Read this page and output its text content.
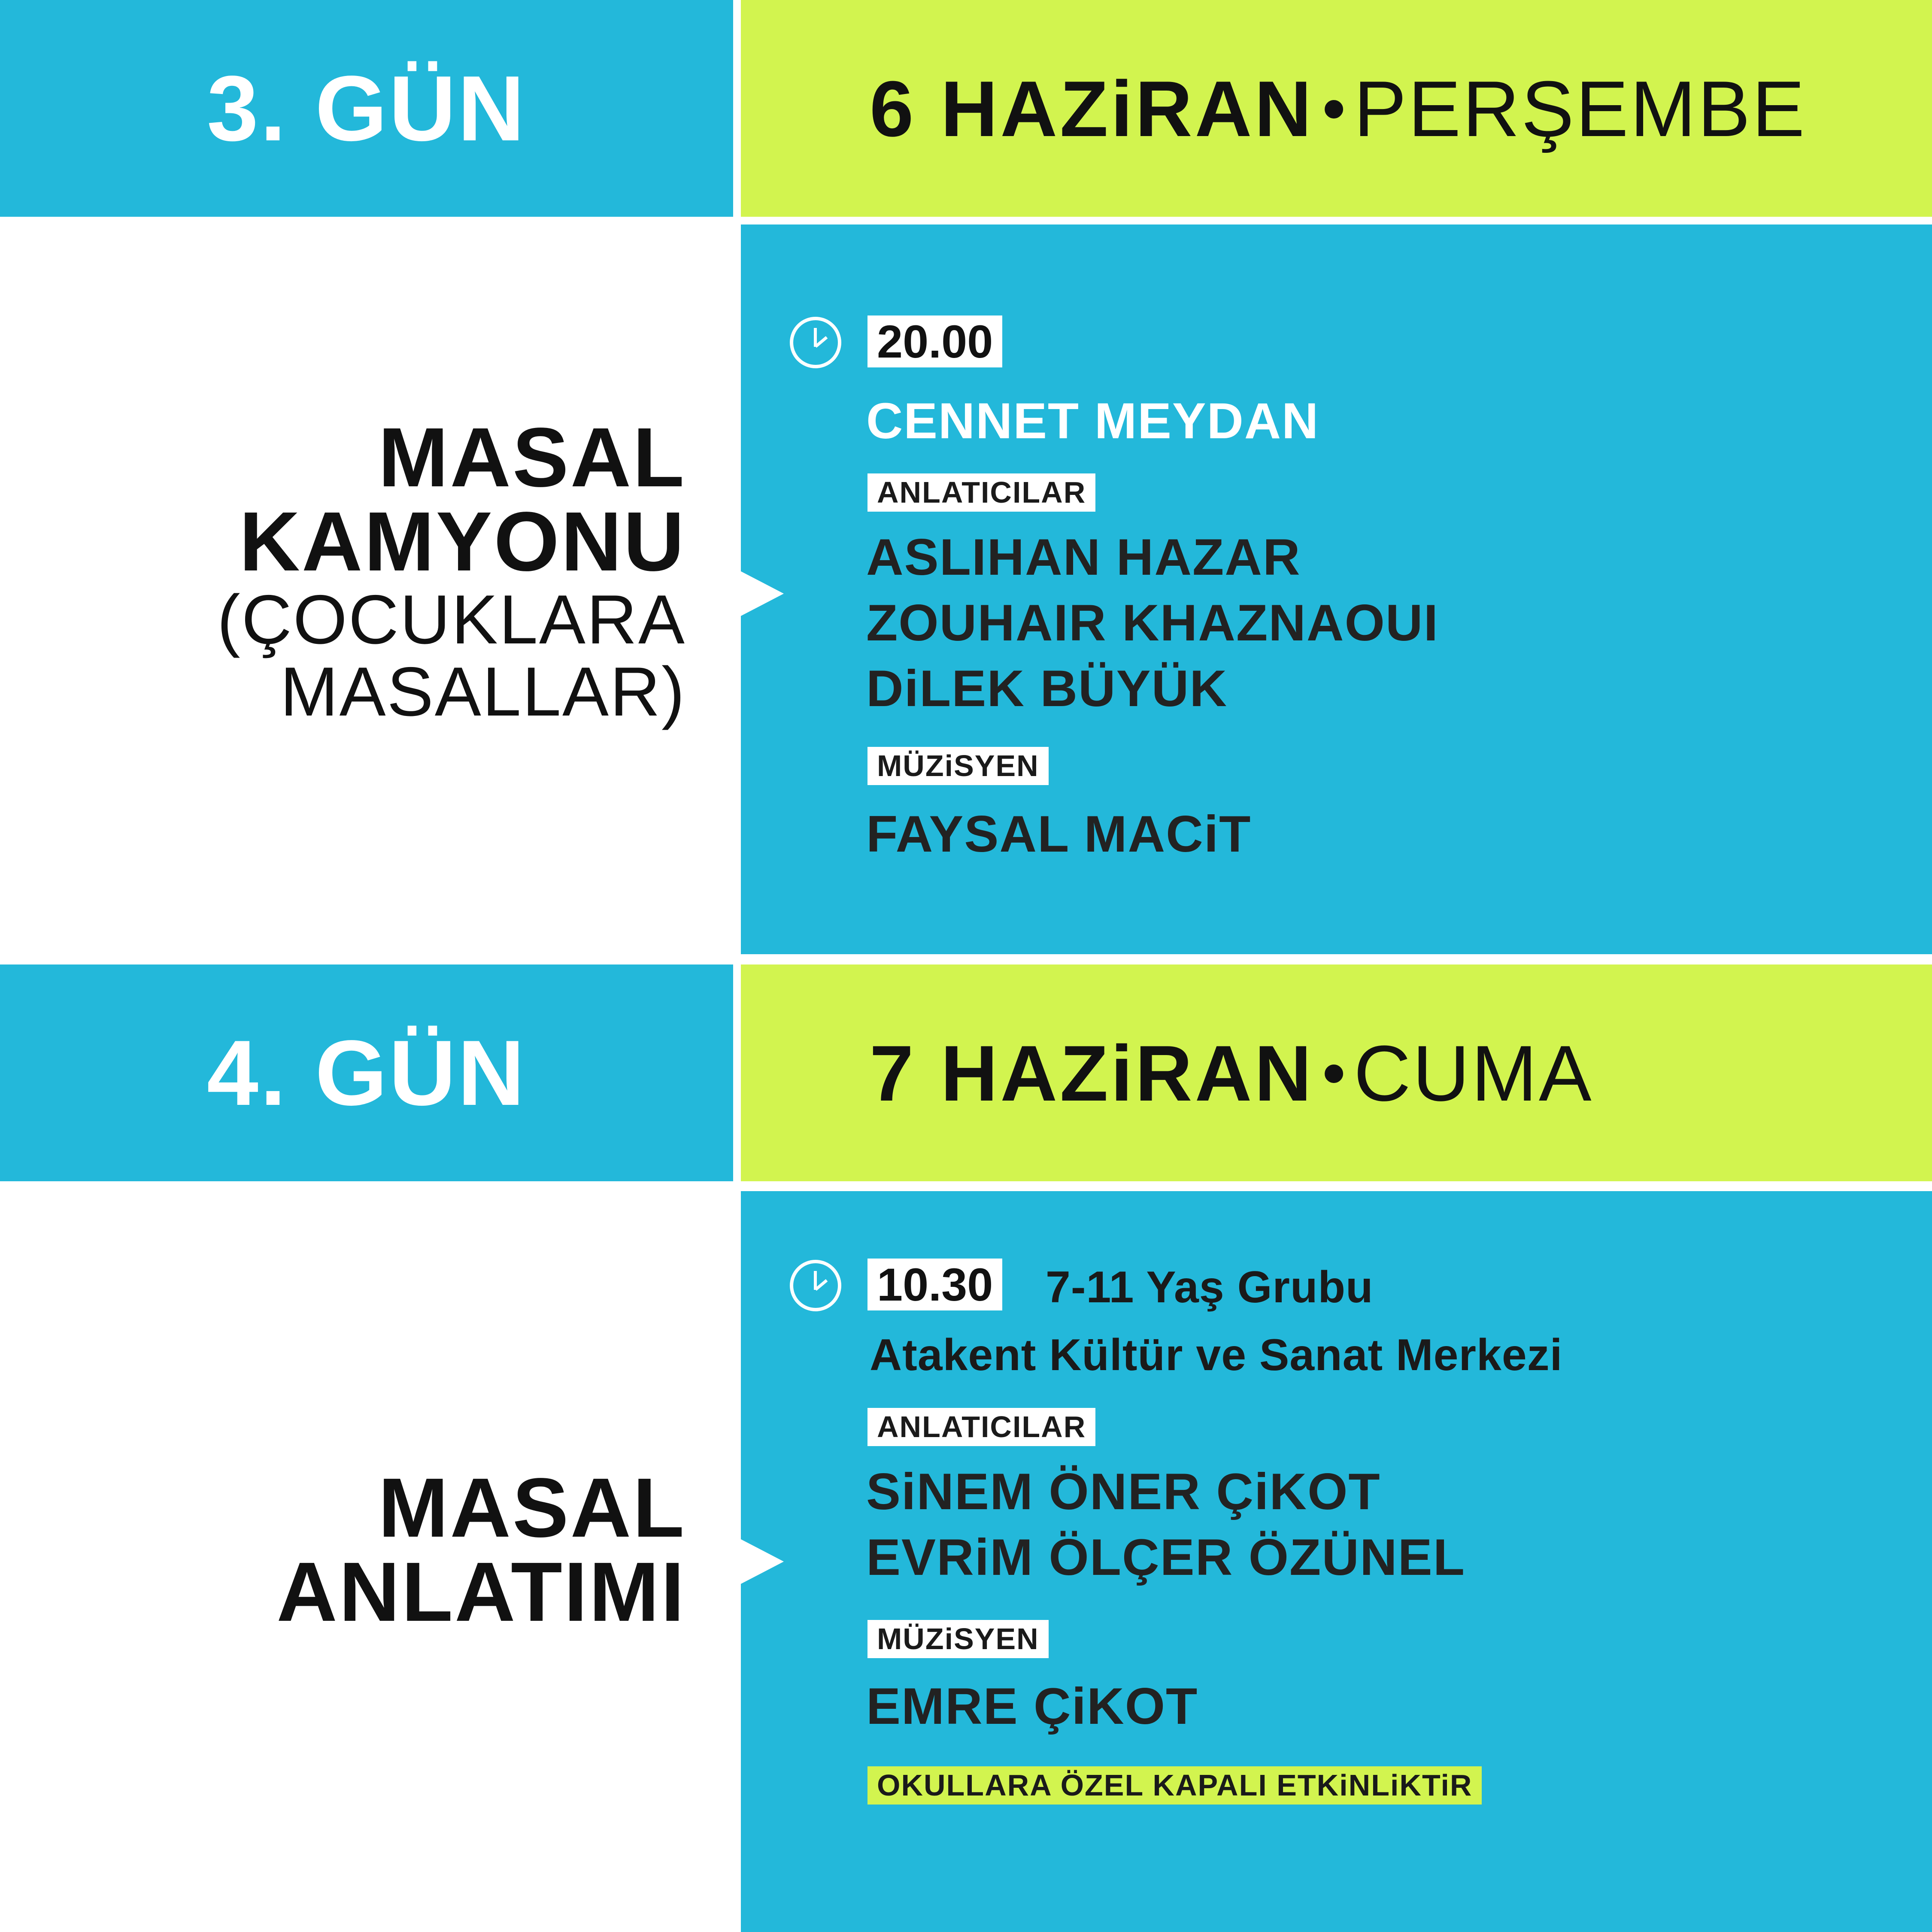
3. GÜN	6 HAZiRAN • PERŞEMBE
MASAL
KAMYONU
(ÇOCUKLARA
MASALLAR)
20.00
CENNET MEYDAN
ANLATICILAR
ASLIHAN HAZAR
ZOUHAIR KHAZNAOUI
DiLEK BÜYÜK
MÜZiSYEN
FAYSAL MACiT
4. GÜN	7 HAZiRAN • CUMA
MASAL
ANLATIMI
10.30 7-11 Yaş Grubu
Atakent Kültür ve Sanat Merkezi
ANLATICILAR
SiNEM ÖNER ÇiKOT
EVRiM ÖLÇER ÖZÜNEL
MÜZiSYEN
EMRE ÇiKOT
OKULLARA ÖZEL KAPALI ETKiNLiKTiR
